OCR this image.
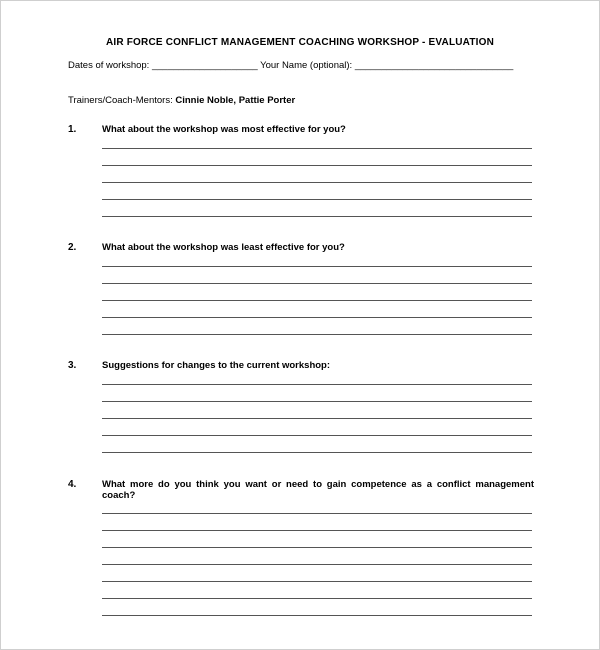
AIR FORCE CONFLICT MANAGEMENT COACHING WORKSHOP - EVALUATION
Dates of workshop: ____________________ Your Name (optional): ______________________________
Trainers/Coach-Mentors: Cinnie Noble, Pattie Porter
1.	What about the workshop was most effective for you?
2.	What about the workshop was least effective for you?
3.	Suggestions for changes to the current workshop:
4.	What more do you think you want or need to gain competence as a conflict management coach?
